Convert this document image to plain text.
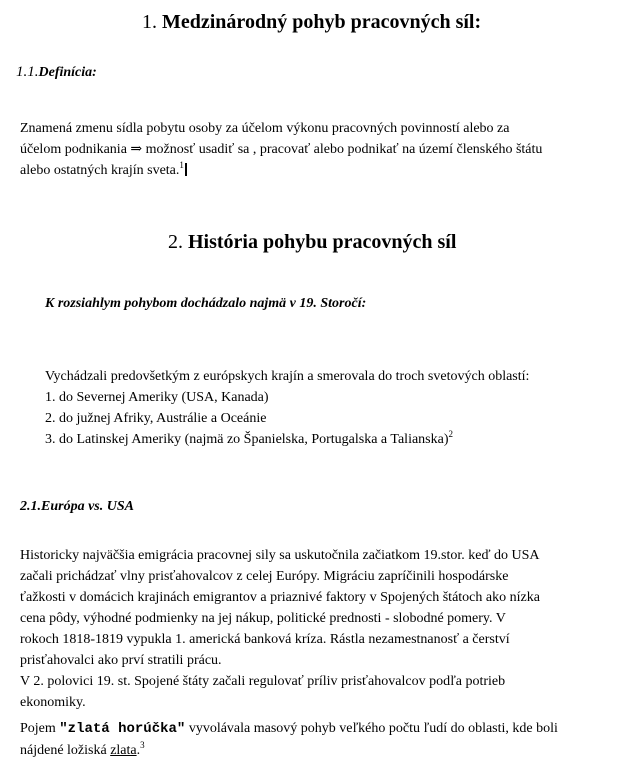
1. Medzinárodný pohyb pracovných síl:
1.1.Definícia:
Znamená zmenu sídla pobytu osoby za účelom výkonu pracovných povinností alebo za
účelom podnikania ⇒ možnosť usadiť sa , pracovať alebo podnikať na území členského štátu
alebo ostatných krajín sveta.$^1$
2. História pohybu pracovných síl
K rozsiahlym pohybom dochádzalo najmä v 19. Storočí:
Vychádzali predovšetkým z európskych krajín a smerovala do troch svetových oblastí:
1. do Severnej Ameriky (USA, Kanada)
2. do južnej Afriky, Austrálie a Oceánie
3. do Latinskej Ameriky (najmä zo Španielska, Portugalska a Talianska)$^2$
2.1.Európa vs. USA
Historicky najväčšia emigrácia pracovnej sily sa uskutočnila začiatkom 19.stor. keď do USA
začali prichádzať vlny prisťahovalcov z celej Európy. Migráciu zapríčinili hospodárske
ťažkosti v domácich krajinách emigrantov a priaznivé faktory v Spojených štátoch ako nízka
cena pôdy, výhodné podmienky na jej nákup, politické prednosti - slobodné pomery. V
rokoch 1818-1819 vypukla 1. americká banková kríza. Rástla nezamestnanosť a čerství
prisťahovalci ako prví stratili prácu.
V 2. polovici 19. st. Spojené štáty začali regulovať príliv prisťahovalcov podľa potrieb
ekonomiky.
Pojem "zlatá horúčka" vyvolávala masový pohyb veľkého počtu ľudí do oblasti, kde boli
nájdené ložiská zlata.$^3$
